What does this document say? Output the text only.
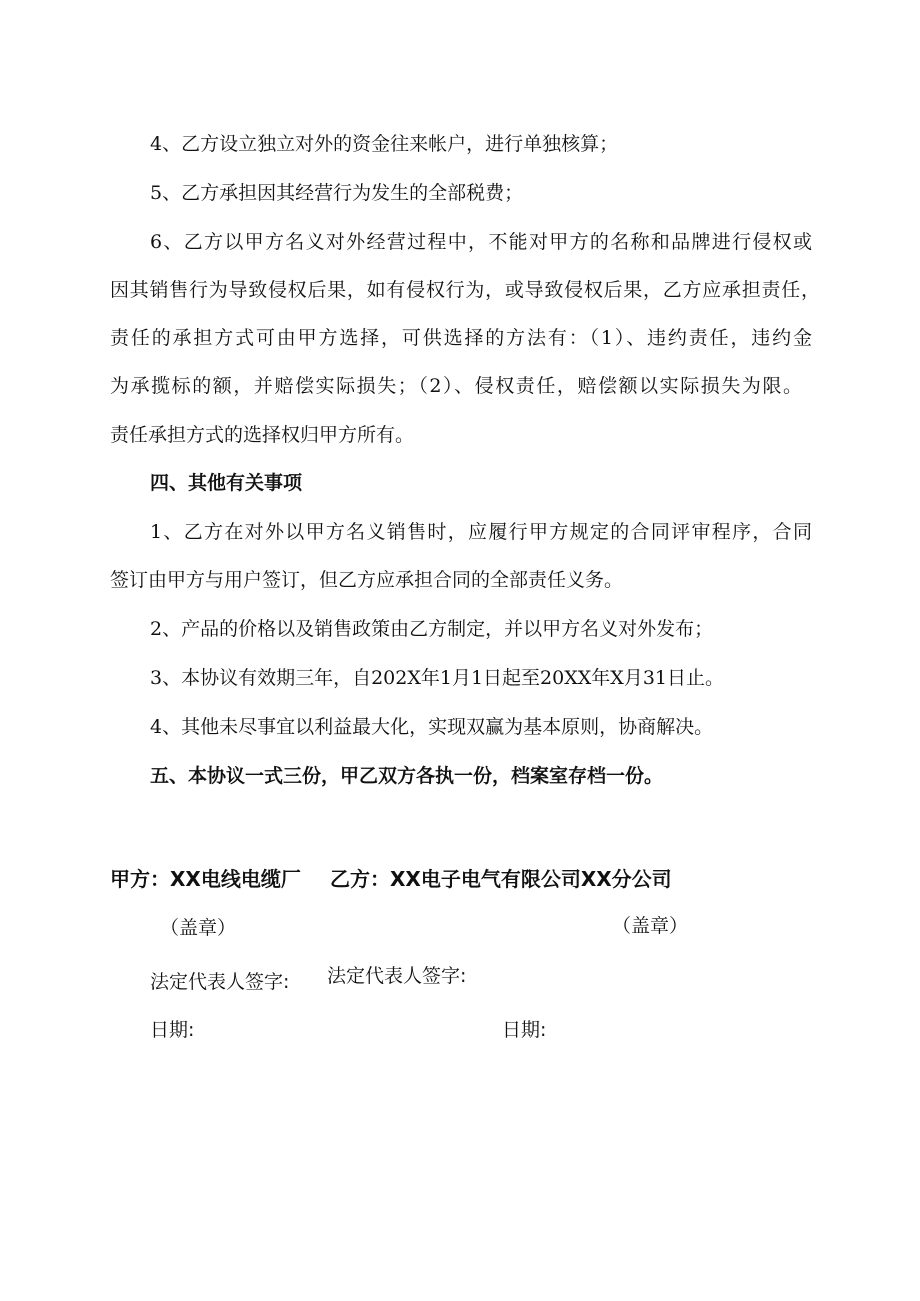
4、乙方设立独立对外的资金往来帐户，进行单独核算；

5、乙方承担因其经营行为发生的全部税费；

6、乙方以甲方名义对外经营过程中，不能对甲方的名称和品牌进行侵权或

因其销售行为导致侵权后果，如有侵权行为，或导致侵权后果，乙方应承担责任，

责任的承担方式可由甲方选择，可供选择的方法有：（1）、违约责任，违约金

为承揽标的额，并赔偿实际损失；（2）、侵权责任，赔偿额以实际损失为限。

责任承担方式的选择权归甲方所有。

四、其他有关事项

1、乙方在对外以甲方名义销售时，应履行甲方规定的合同评审程序，合同

签订由甲方与用户签订，但乙方应承担合同的全部责任义务。

2、产品的价格以及销售政策由乙方制定，并以甲方名义对外发布；

3、本协议有效期三年，自202X年1月1日起至20XX年X月31日止。

4、其他未尽事宜以利益最大化，实现双赢为基本原则，协商解决。

五、本协议一式三份，甲乙双方各执一份，档案室存档一份。

甲方：XX电线电缆厂 乙方：XX电子电气有限公司XX分公司

（盖章）	（盖章）

法定代表人签字: 法定代表人签字:

日期:	日期:
